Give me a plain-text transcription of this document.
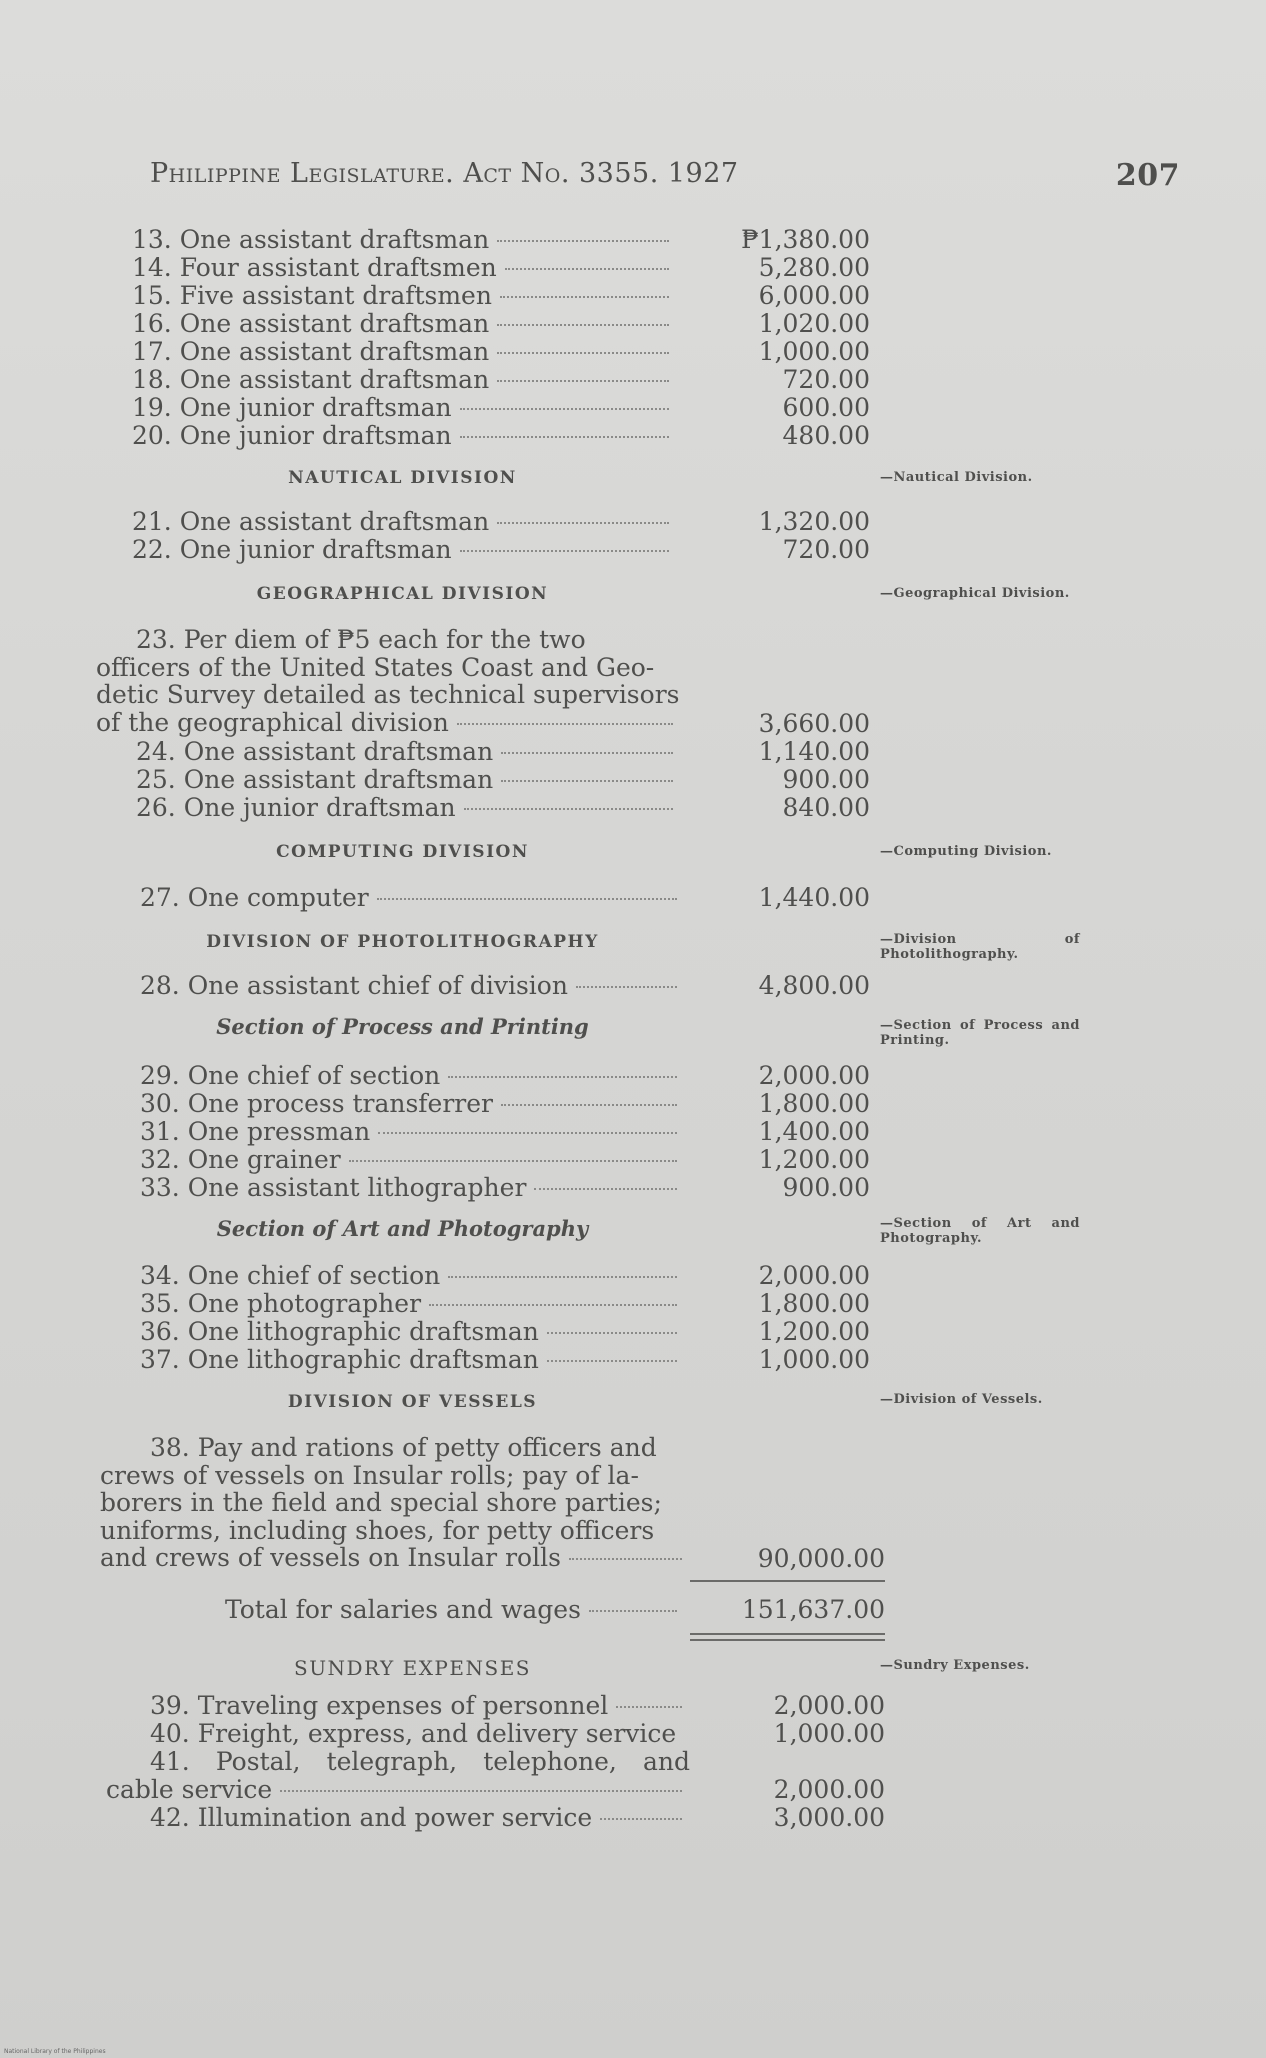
Philippine Legislature. Act No. 3355. 1927	207
13. One assistant draftsman	₱1,380.00
14. Four assistant draftsmen	5,280.00
15. Five assistant draftsmen	6,000.00
16. One assistant draftsman	1,020.00
17. One assistant draftsman	1,000.00
18. One assistant draftsman	720.00
19. One junior draftsman	600.00
20. One junior draftsman	480.00
NAUTICAL DIVISION	—Nautical Division.
21. One assistant draftsman	1,320.00
22. One junior draftsman	720.00
GEOGRAPHICAL DIVISION	—Geographical Division.
23. Per diem of ₱5 each for the two
officers of the United States Coast and Geo-
detic Survey detailed as technical supervisors
of the geographical division	3,660.00
24. One assistant draftsman	1,140.00
25. One assistant draftsman	900.00
26. One junior draftsman	840.00
COMPUTING DIVISION	—Computing Division.
27. One computer	1,440.00
DIVISION OF PHOTOLITHOGRAPHY	—Division of Photolithography.
28. One assistant chief of division	4,800.00
Section of Process and Printing	—Section of Process and Printing.
29. One chief of section	2,000.00
30. One process transferrer	1,800.00
31. One pressman	1,400.00
32. One grainer	1,200.00
33. One assistant lithographer	900.00
Section of Art and Photography	—Section of Art and Photography.
34. One chief of section	2,000.00
35. One photographer	1,800.00
36. One lithographic draftsman	1,200.00
37. One lithographic draftsman	1,000.00
DIVISION OF VESSELS	—Division of Vessels.
38. Pay and rations of petty officers and
crews of vessels on Insular rolls; pay of la-
borers in the field and special shore parties;
uniforms, including shoes, for petty officers
and crews of vessels on Insular rolls	90,000.00
Total for salaries and wages	151,637.00
SUNDRY EXPENSES	—Sundry Expenses.
39. Traveling expenses of personnel	2,000.00
40. Freight, express, and delivery service	1,000.00
41. Postal, telegraph, telephone, and
cable service	2,000.00
42. Illumination and power service	3,000.00
National Library of the Philippines
